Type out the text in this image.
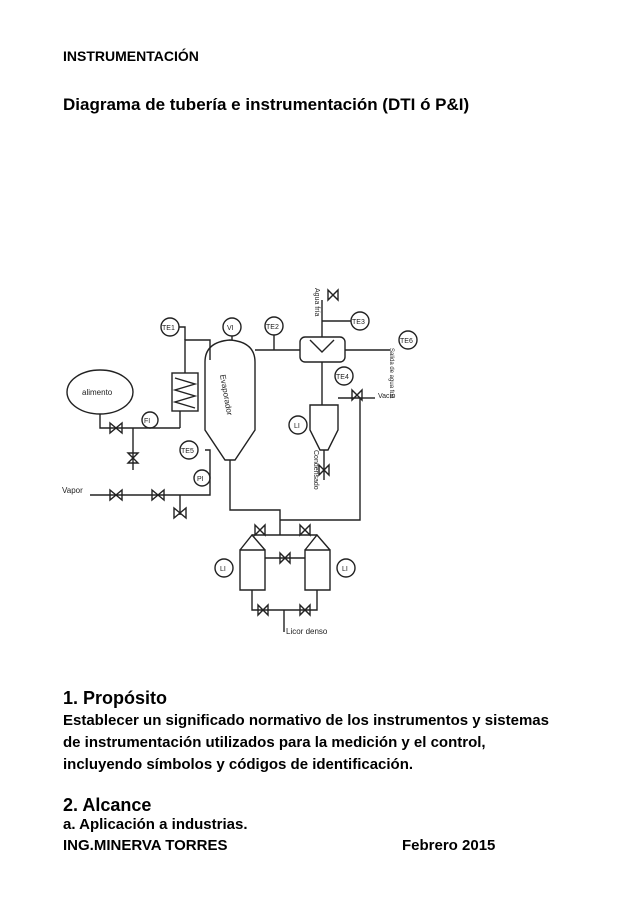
INSTRUMENTACIÓN
Diagrama de tubería e instrumentación (DTI ó P&I)
alimento
FI
TE1
Evaporador
VI	TE2
Agua fría
TE3
TE6
Salida de agua fría
TE4
Condensado
LI
Vacío
Vapor
PI
TE5
LI	LI
Licor denso
1. Propósito
Establecer un significado normativo de los instrumentos y sistemas de instrumentación utilizados para la medición y el control, incluyendo símbolos y códigos de identificación.
2. Alcance
a. Aplicación a industrias.
ING.MINERVA TORRES	Febrero 2015
